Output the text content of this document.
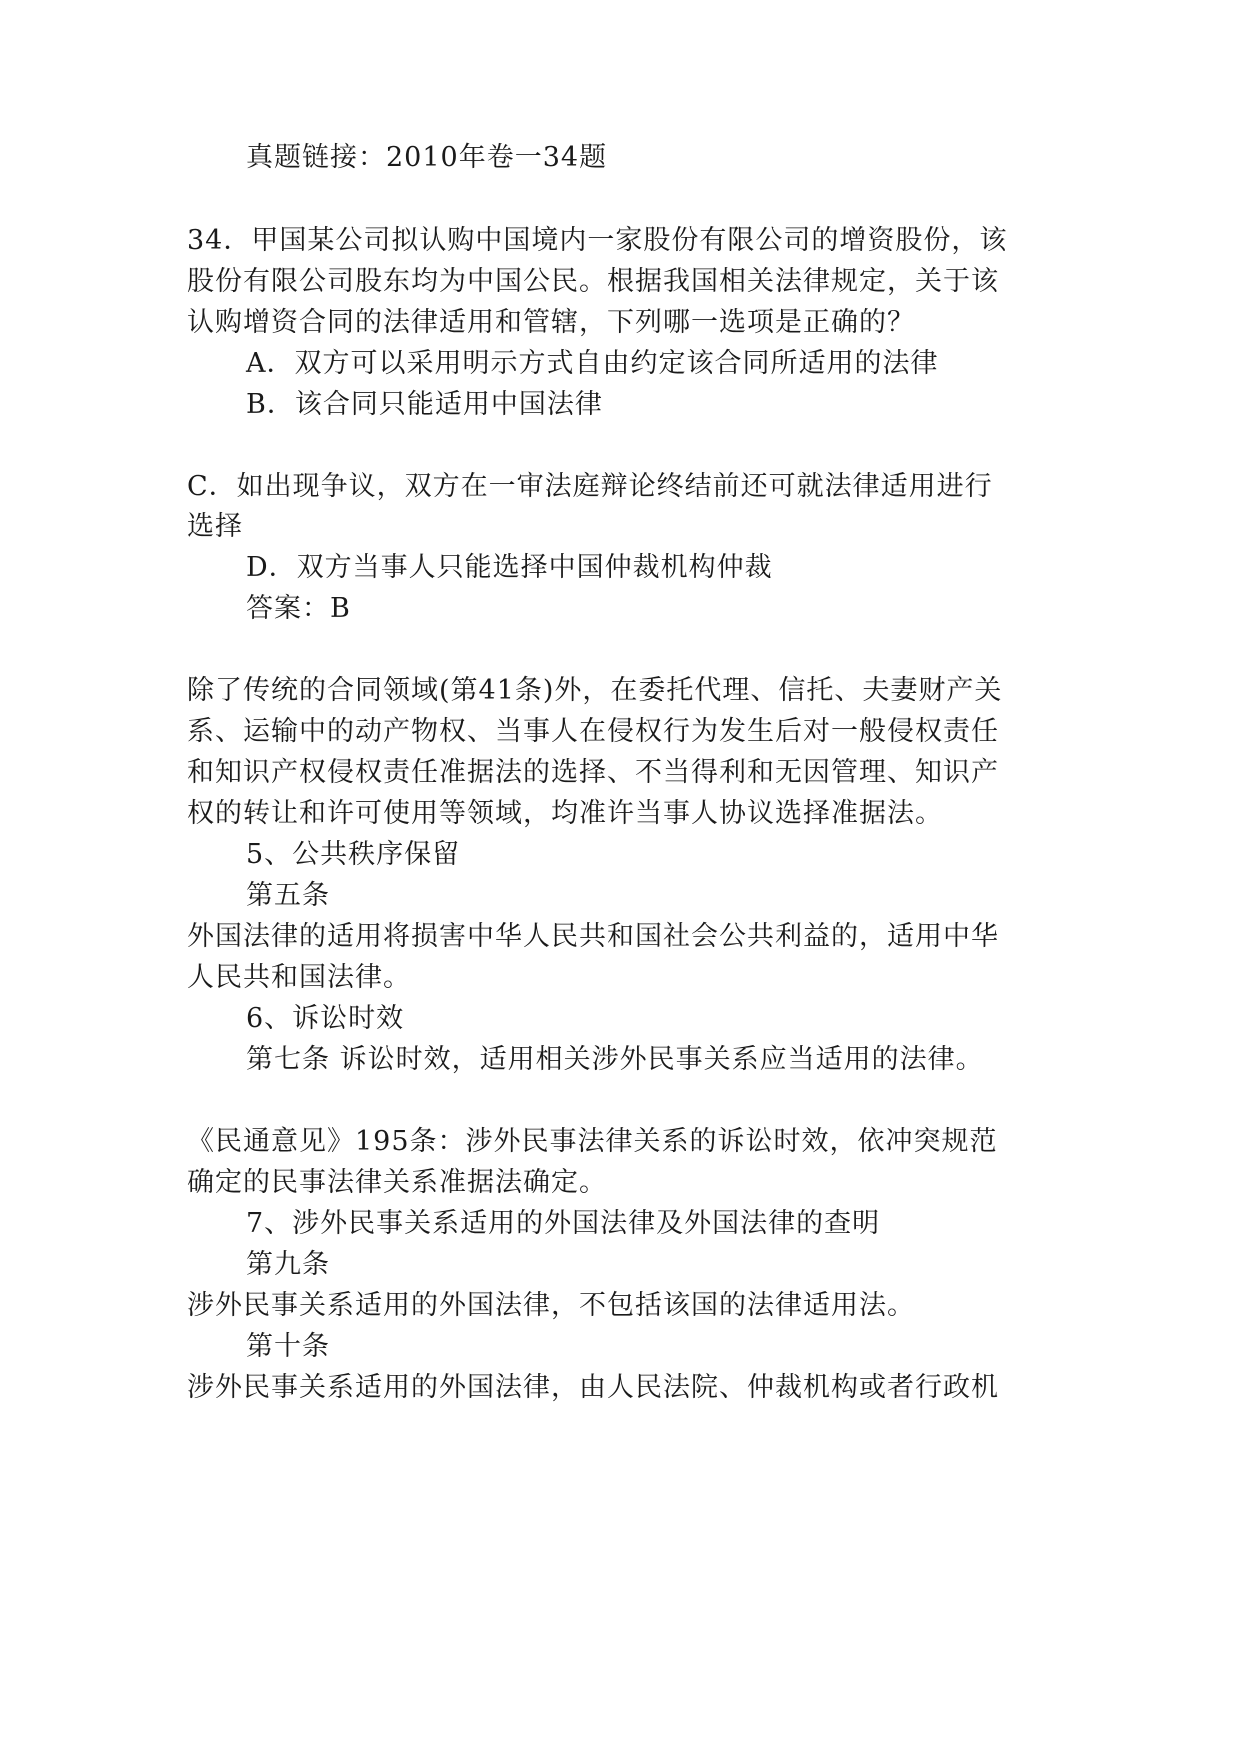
真题链接：2010年卷一34题
34．甲国某公司拟认购中国境内一家股份有限公司的增资股份，该
股份有限公司股东均为中国公民。根据我国相关法律规定，关于该
认购增资合同的法律适用和管辖，下列哪一选项是正确的？
A．双方可以采用明示方式自由约定该合同所适用的法律
B．该合同只能适用中国法律
C．如出现争议，双方在一审法庭辩论终结前还可就法律适用进行
选择
D．双方当事人只能选择中国仲裁机构仲裁
答案：B
除了传统的合同领域(第41条)外，在委托代理、信托、夫妻财产关
系、运输中的动产物权、当事人在侵权行为发生后对一般侵权责任
和知识产权侵权责任准据法的选择、不当得利和无因管理、知识产
权的转让和许可使用等领域，均准许当事人协议选择准据法。
5、公共秩序保留
第五条
外国法律的适用将损害中华人民共和国社会公共利益的，适用中华
人民共和国法律。
6、诉讼时效
第七条 诉讼时效，适用相关涉外民事关系应当适用的法律。
《民通意见》195条：涉外民事法律关系的诉讼时效，依冲突规范
确定的民事法律关系准据法确定。
7、涉外民事关系适用的外国法律及外国法律的查明
第九条
涉外民事关系适用的外国法律，不包括该国的法律适用法。
第十条
涉外民事关系适用的外国法律，由人民法院、仲裁机构或者行政机
